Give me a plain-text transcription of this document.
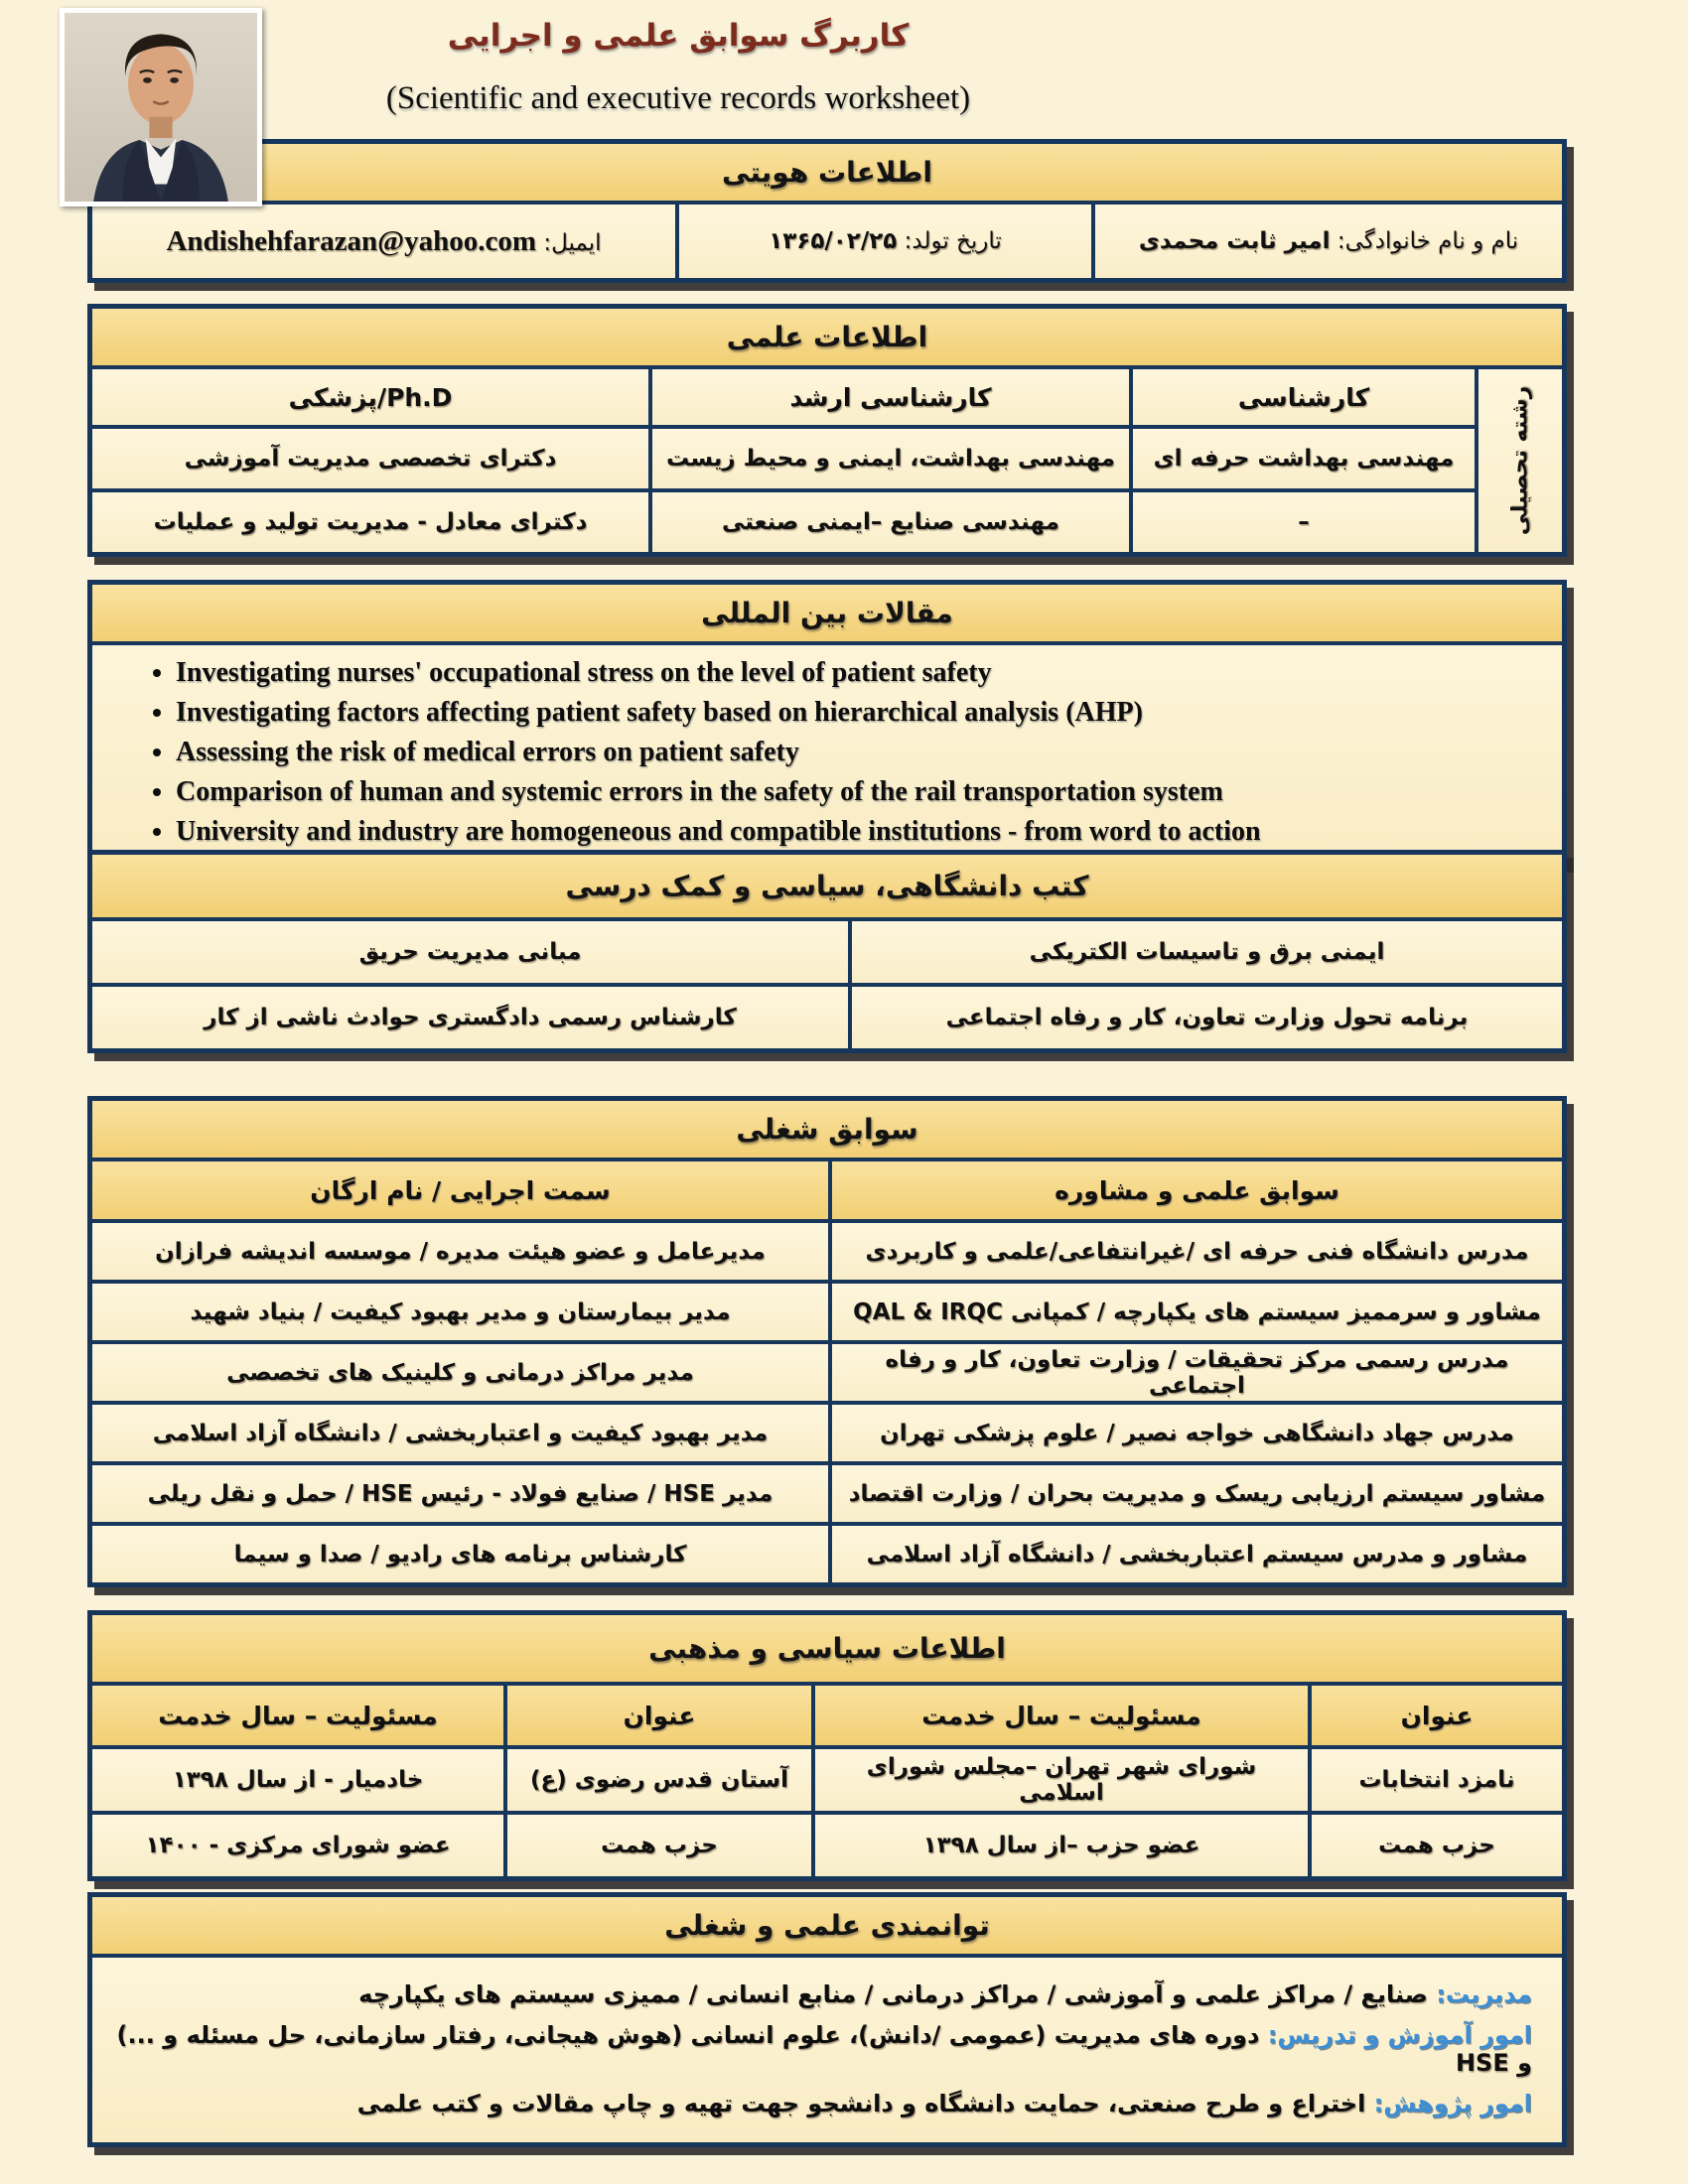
کاربرگ سوابق علمی و اجرایی
(Scientific and executive records worksheet)
اطلاعات هویتی
نام و نام خانوادگی: امیر ثابت محمدی
تاریخ تولد: ۱۳۶۵/۰۲/۲۵
ایمیل: Andishehfarazan@yahoo.com
اطلاعات علمی
رشته تحصیلی
کارشناسی
کارشناسی ارشد
Ph.D/پزشکی
مهندسی بهداشت حرفه ای
مهندسی بهداشت، ایمنی و محیط زیست
دکترای تخصصی مدیریت آموزشی
–
مهندسی صنایع –ایمنی صنعتی
دکترای معادل - مدیریت تولید و عملیات
مقالات بین المللی
• Investigating nurses' occupational stress on the level of patient safety
• Investigating factors affecting patient safety based on hierarchical analysis (AHP)
• Assessing the risk of medical errors on patient safety
• Comparison of human and systemic errors in the safety of the rail transportation system
• University and industry are homogeneous and compatible institutions - from word to action
کتب دانشگاهی، سیاسی و کمک درسی
ایمنی برق و تاسیسات الکتریکی
مبانی مدیریت حریق
برنامه تحول وزارت تعاون، کار و رفاه اجتماعی
کارشناس رسمی دادگستری حوادث ناشی از کار
سوابق شغلی
سوابق علمی و مشاوره
سمت اجرایی / نام ارگان
مدرس دانشگاه فنی حرفه ای /غیرانتفاعی/علمی و کاربردی
مدیرعامل و عضو هیئت مدیره / موسسه اندیشه فرازان
مشاور و سرممیز سیستم های یکپارچه / کمپانی QAL & IRQC
مدیر بیمارستان و مدیر بهبود کیفیت / بنیاد شهید
مدرس رسمی مرکز تحقیقات / وزارت تعاون، کار و رفاه اجتماعی
مدیر مراکز درمانی و کلینیک های تخصصی
مدرس جهاد دانشگاهی خواجه نصیر / علوم پزشکی تهران
مدیر بهبود کیفیت و اعتباربخشی / دانشگاه آزاد اسلامی
مشاور سیستم ارزیابی ریسک و مدیریت بحران / وزارت اقتصاد
مدیر HSE / صنایع فولاد - رئیس HSE / حمل و نقل ریلی
مشاور و مدرس سیستم اعتباربخشی / دانشگاه آزاد اسلامی
کارشناس برنامه های رادیو / صدا و سیما
اطلاعات سیاسی و مذهبی
عنوان
مسئولیت – سال خدمت
عنوان
مسئولیت – سال خدمت
نامزد انتخابات
شورای شهر تهران –مجلس شورای اسلامی
آستان قدس رضوی (ع)
خادمیار - از سال ۱۳۹۸
حزب همت
عضو حزب –از سال ۱۳۹۸
حزب همت
عضو شورای مرکزی - ۱۴۰۰
توانمندی علمی و شغلی
مدیریت: صنایع / مراکز علمی و آموزشی / مراکز درمانی / منابع انسانی / ممیزی سیستم های یکپارچه
امور آموزش و تدریس: دوره های مدیریت (عمومی /دانش)، علوم انسانی (هوش هیجانی، رفتار سازمانی، حل مسئله و ...) و HSE
امور پژوهش: اختراع و طرح صنعتی، حمایت دانشگاه و دانشجو جهت تهیه و چاپ مقالات و کتب علمی
